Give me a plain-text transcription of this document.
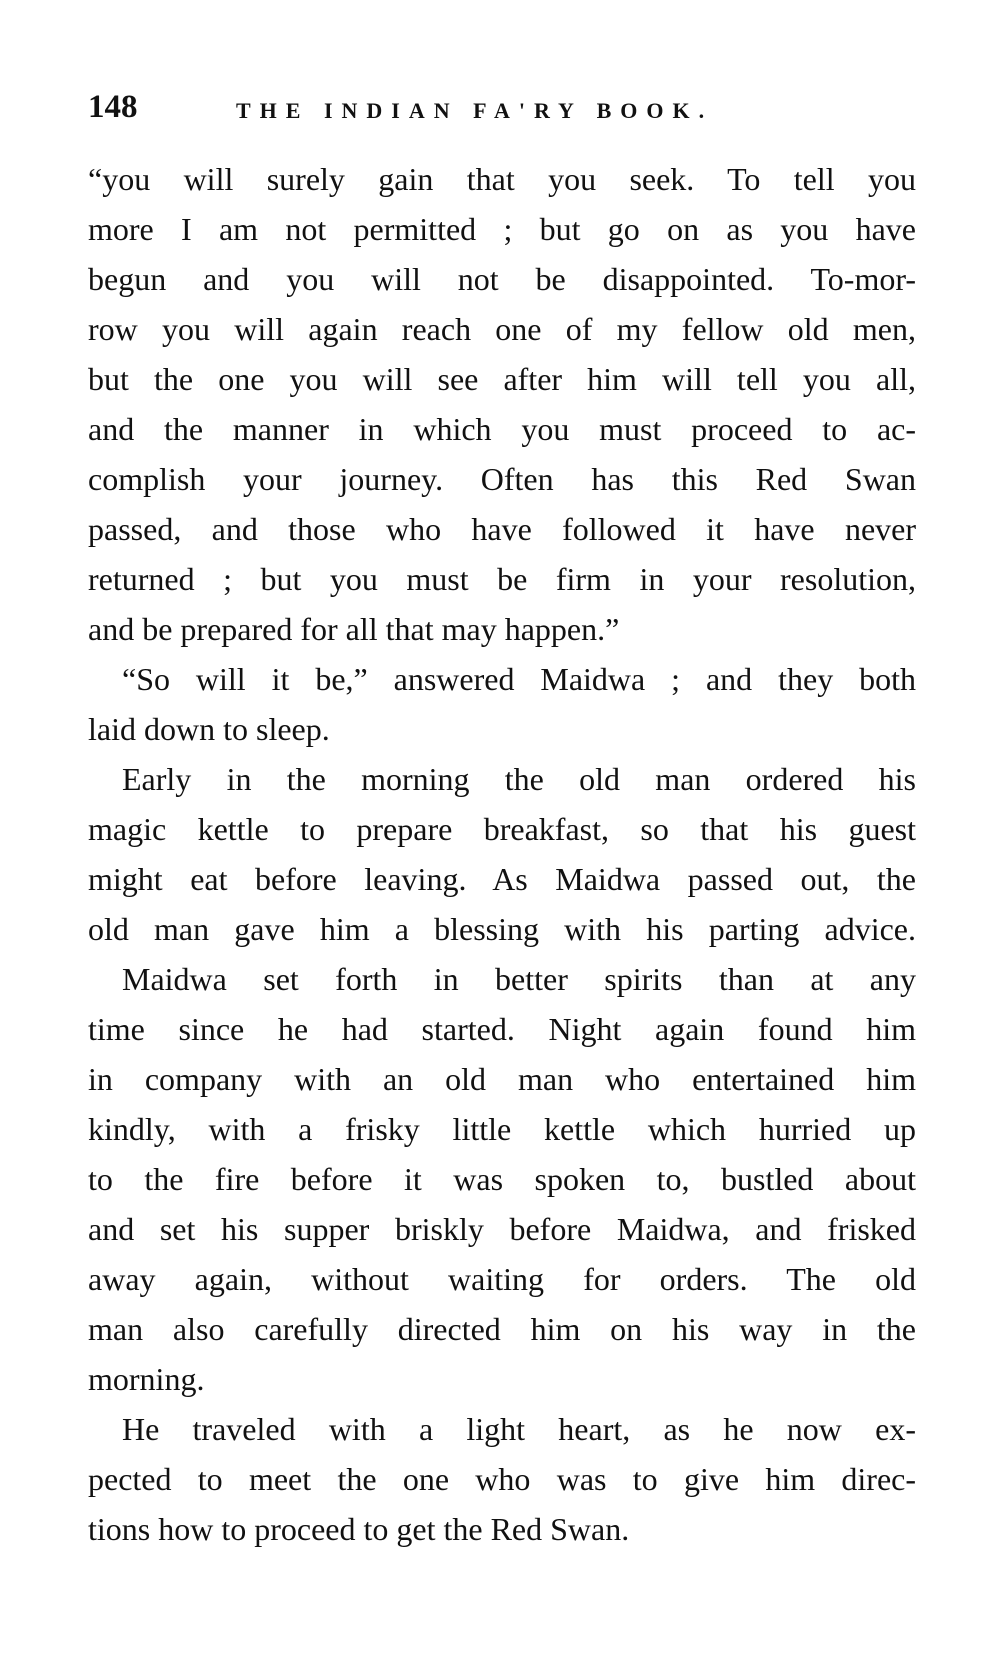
148	THE INDIAN FA'RY BOOK.
“you will surely gain that you seek. To tell you
more I am not permitted ; but go on as you have
begun and you will not be disappointed. To-mor-
row you will again reach one of my fellow old men,
but the one you will see after him will tell you all,
and the manner in which you must proceed to ac-
complish your journey. Often has this Red Swan
passed, and those who have followed it have never
returned ; but you must be firm in your resolution,
and be prepared for all that may happen.”
“So will it be,” answered Maidwa ; and they both
laid down to sleep.
Early in the morning the old man ordered his
magic kettle to prepare breakfast, so that his guest
might eat before leaving. As Maidwa passed out, the
old man gave him a blessing with his parting advice.
Maidwa set forth in better spirits than at any
time since he had started. Night again found him
in company with an old man who entertained him
kindly, with a frisky little kettle which hurried up
to the fire before it was spoken to, bustled about
and set his supper briskly before Maidwa, and frisked
away again, without waiting for orders. The old
man also carefully directed him on his way in the
morning.
He traveled with a light heart, as he now ex-
pected to meet the one who was to give him direc-
tions how to proceed to get the Red Swan.
